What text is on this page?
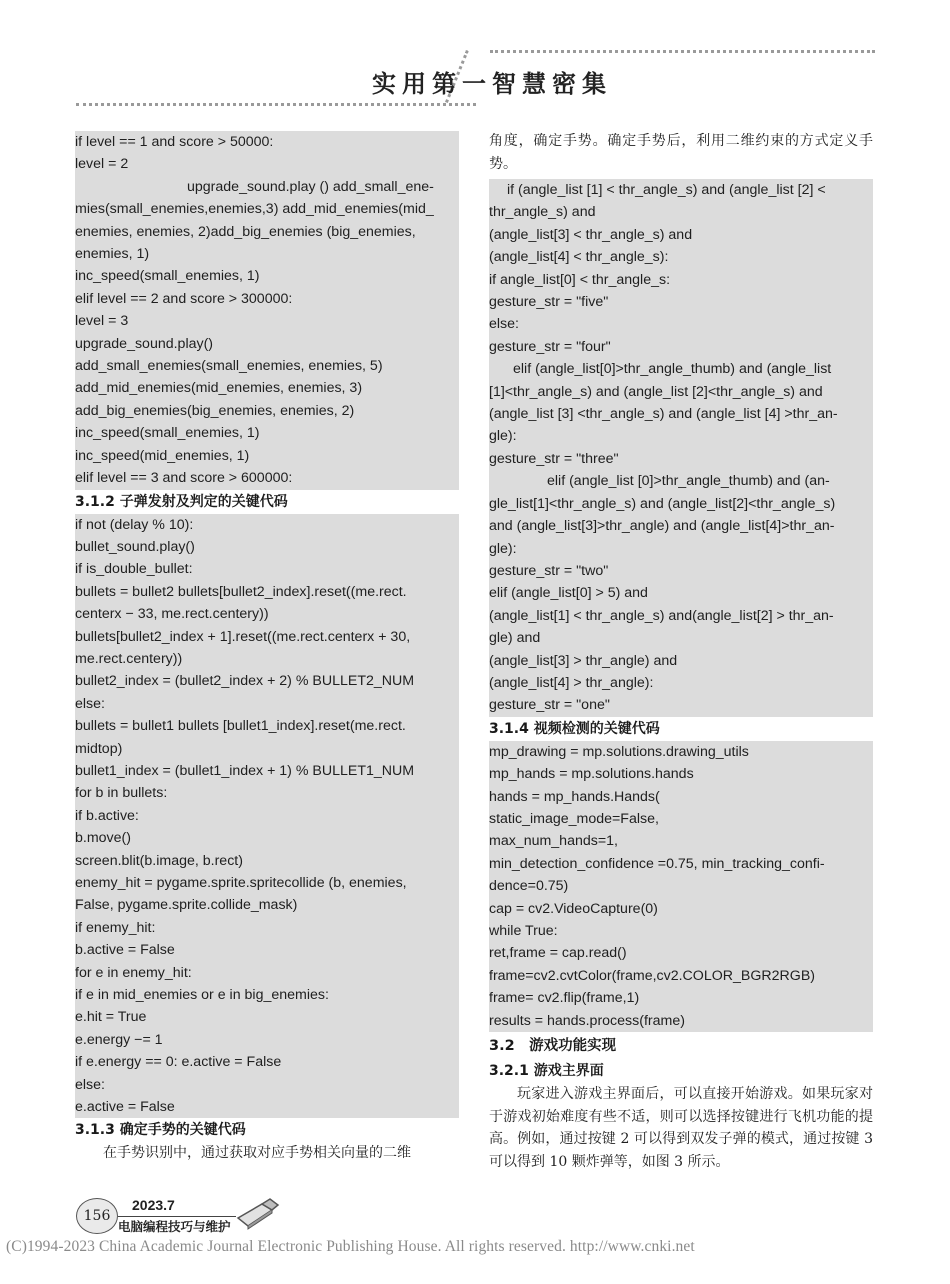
实用第一 智慧密集
if level == 1 and score > 50000:
level = 2
upgrade_sound.play () add_small_ene-
mies(small_enemies,enemies,3) add_mid_enemies(mid_
enemies, enemies, 2)add_big_enemies (big_enemies,
enemies, 1)
inc_speed(small_enemies, 1)
elif level == 2 and score > 300000:
level = 3
upgrade_sound.play()
add_small_enemies(small_enemies, enemies, 5)
add_mid_enemies(mid_enemies, enemies, 3)
add_big_enemies(big_enemies, enemies, 2)
inc_speed(small_enemies, 1)
inc_speed(mid_enemies, 1)
elif level == 3 and score > 600000:
3.1.2 子弹发射及判定的关键代码
if not (delay % 10):
bullet_sound.play()
if is_double_bullet:
bullets = bullet2 bullets[bullet2_index].reset((me.rect.
centerx − 33, me.rect.centery))
bullets[bullet2_index + 1].reset((me.rect.centerx + 30,
me.rect.centery))
bullet2_index = (bullet2_index + 2) % BULLET2_NUM
else:
bullets = bullet1 bullets [bullet1_index].reset(me.rect.
midtop)
bullet1_index = (bullet1_index + 1) % BULLET1_NUM
for b in bullets:
if b.active:
b.move()
screen.blit(b.image, b.rect)
enemy_hit = pygame.sprite.spritecollide (b, enemies,
False, pygame.sprite.collide_mask)
if enemy_hit:
b.active = False
for e in enemy_hit:
if e in mid_enemies or e in big_enemies:
e.hit = True
e.energy −= 1
if e.energy == 0: e.active = False
else:
e.active = False
3.1.3 确定手势的关键代码
在手势识别中，通过获取对应手势相关向量的二维
角度，确定手势。确定手势后，利用二维约束的方式定义手势。
if (angle_list [1] < thr_angle_s) and (angle_list [2] <
thr_angle_s) and
(angle_list[3] < thr_angle_s) and
(angle_list[4] < thr_angle_s):
if angle_list[0] < thr_angle_s:
gesture_str = "five"
else:
gesture_str = "four"
elif (angle_list[0]>thr_angle_thumb) and (angle_list
[1]<thr_angle_s) and (angle_list [2]<thr_angle_s) and
(angle_list [3] <thr_angle_s) and (angle_list [4] >thr_an-
gle):
gesture_str = "three"
elif (angle_list [0]>thr_angle_thumb) and (an-
gle_list[1]<thr_angle_s) and (angle_list[2]<thr_angle_s)
and (angle_list[3]>thr_angle) and (angle_list[4]>thr_an-
gle):
gesture_str = "two"
elif (angle_list[0] > 5) and
(angle_list[1] < thr_angle_s) and(angle_list[2] > thr_an-
gle) and
(angle_list[3] > thr_angle) and
(angle_list[4] > thr_angle):
gesture_str = "one"
3.1.4 视频检测的关键代码
mp_drawing = mp.solutions.drawing_utils
mp_hands = mp.solutions.hands
hands = mp_hands.Hands(
static_image_mode=False,
max_num_hands=1,
min_detection_confidence =0.75, min_tracking_confi-
dence=0.75)
cap = cv2.VideoCapture(0)
while True:
ret,frame = cap.read()
frame=cv2.cvtColor(frame,cv2.COLOR_BGR2RGB)
frame= cv2.flip(frame,1)
results = hands.process(frame)
3.2　游戏功能实现
3.2.1 游戏主界面
玩家进入游戏主界面后，可以直接开始游戏。如果玩家对于游戏初始难度有些不适，则可以选择按键进行飞机功能的提高。例如，通过按键 2 可以得到双发子弹的模式，通过按键 3 可以得到 10 颗炸弹等，如图 3 所示。
156
2023.7
电脑编程技巧与维护
(C)1994-2023 China Academic Journal Electronic Publishing House. All rights reserved. http://www.cnki.net
